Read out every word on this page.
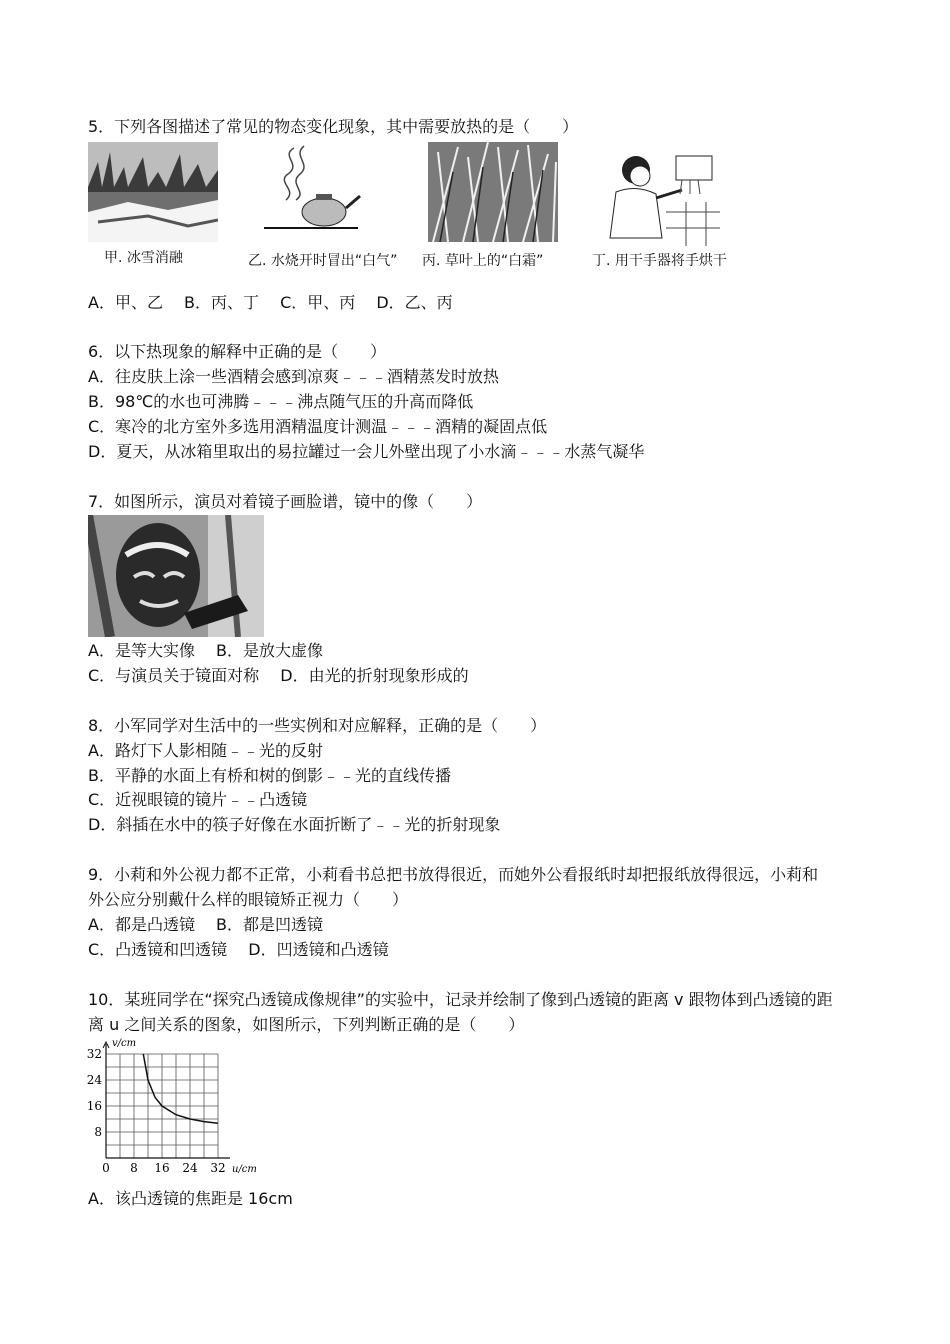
5．下列各图描述了常见的物态变化现象，其中需要放热的是（　　）
甲. 冰雪消融	乙. 水烧开时冒出“白气” 丙. 草叶上的“白霜”	丁. 用干手器将手烘干
A．甲、乙　 B．丙、丁　 C．甲、丙　 D．乙、丙
6．以下热现象的解释中正确的是（　　）
A．往皮肤上涂一些酒精会感到凉爽﹣﹣﹣酒精蒸发时放热
B．98℃的水也可沸腾﹣﹣﹣沸点随气压的升高而降低
C．寒冷的北方室外多选用酒精温度计测温﹣﹣﹣酒精的凝固点低
D．夏天，从冰箱里取出的易拉罐过一会儿外壁出现了小水滴﹣﹣﹣水蒸气凝华
7．如图所示，演员对着镜子画脸谱，镜中的像（　　）
A．是等大实像　 B．是放大虚像
C．与演员关于镜面对称　 D．由光的折射现象形成的
8．小军同学对生活中的一些实例和对应解释，正确的是（　　）
A．路灯下人影相随﹣﹣光的反射
B．平静的水面上有桥和树的倒影﹣﹣光的直线传播
C．近视眼镜的镜片﹣﹣凸透镜
D．斜插在水中的筷子好像在水面折断了﹣﹣光的折射现象
9．小莉和外公视力都不正常，小莉看书总把书放得很近，而她外公看报纸时却把报纸放得很远，小莉和
外公应分别戴什么样的眼镜矫正视力（　　）
A．都是凸透镜　 B．都是凹透镜
C．凸透镜和凹透镜　 D．凹透镜和凸透镜
10．某班同学在“探究凸透镜成像规律”的实验中，记录并绘制了像到凸透镜的距离 v 跟物体到凸透镜的距
离 u 之间关系的图象，如图所示，下列判断正确的是（　　）
0 8 16 24 32
32
24
16
8
u/cm
v/cm
A．该凸透镜的焦距是 16cm
